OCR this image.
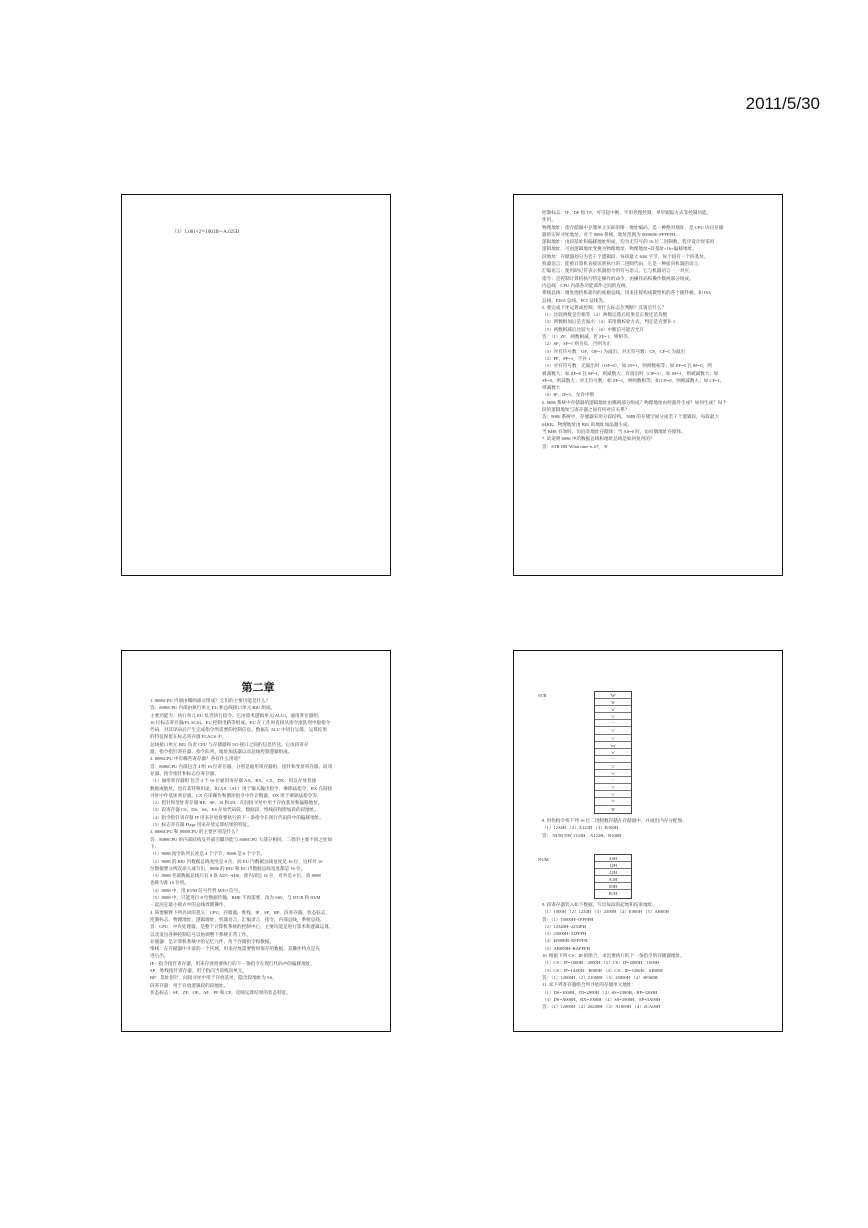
2011/5/30
（3）1.001×2³=1001B=-A.025D

控制标志：IF、DF 和 TF，可引起中断，字串处理控制，单步跟踪方式等控制功能。

作用。

物理地址：指存储器中存储单元实际的唯一地址编码，是一种绝对地址，是 CPU 访问存储

器的实际寻址地址。对于 8086 系统，地址范围为 00000H~FFFFFH。

逻辑地址：由段基址和偏移地址组成，均为无符号的 16 位二进制数，程序设计时采用

逻辑地址，可由逻辑地址变换为物理地址，物理地址=段基址×16+偏移地址。

段地址：存储器划分为若干个逻辑段，每段最大 64K 字节，每个段有一个段基址。

机器语言：能被计算机直接识别执行的二进制代码，它是一种面向机器的语言，

汇编语言：使用助记符表示机器指令的符号语言，它与机器语言一一对应，

指令：是控制计算机执行特定操作的命令，由操作码和操作数两部分组成。

内总线：CPU 内部各功能部件之间的连线，

系统总线：微处理机机箱内的底板总线，用来连接构成微型机的各个插件板，如 ISA

总线，EISA 总线，PCI 总线等。

5. 要完成下述运算或控制，用什么标志位判断？其值是什么？

（1）比较两数是否相等 （2）两数运算后结果是正数还是负数

（3）两数相加后是否溢出 （4）采用偶校验方式，判定是否要补 1

（5）两数相减后比较大小 （6）中断信号能否允许

答：（1）ZF，两数相减，若 ZF=1，则相等。

（2）SF，SF=1 则为负，否则为正

（3）对有符号数：OF，OF=1 为溢出；对无符号数：CF，CF=1 为溢出

（4）PF，PF=1，不补 1

（5）对有符号数：无溢出时（OF=0），如 ZF=1，则两数相等；如 ZF=0 且 SF=0，则

被减数大；如 ZF=0 且 SF=1，则减数大；有溢出时（OF=1），如 SF=1，则被减数大；如

SF=0，则减数大；对无符号数：如 ZF=1，则两数相等；如 CF=0，则被减数大；如 CF=1，

则减数大

（6）IF，IF=1，允许中断

6. 8086 系统中存储器的逻辑地址由哪两部分组成？物理地址由何器件生成？如何生成？每个

段的逻辑地址与寄存器之间有何对应关系？

答：8086 系统中，存储器采用分段结构，1MB 的存储空间分成若干个逻辑段，每段最大

64KB。物理地址由 BIU 的地址加法器生成。

当 BHE 有效时，访问奇地址存储体；当 A0=0 时，访问偶地址存储体。

7. 试说明 8086 中的数据总线和地址总线是如何复用的？

答：STR DB 'What time is it?'，'$'

第二章

1. 8086CPU 内部由哪两部分组成？它们的主要功能是什么？

答：8086CPU 内部由执行单元 EU 和总线接口单元 BIU 组成。

主要功能为：执行单元 EU 负责执行指令。它由算术逻辑单元(ALU)、通用寄存器组、

16 位标志寄存器(FLAGS)、EU 控制电路等组成。EU 在工作时直接从指令流队列中取指令

代码，对其译码后产生完成指令所需要的控制信息。数据在 ALU 中进行运算，运算结果

的特征保留在标志寄存器 FLAGS 中。

总线接口单元 BIU 负责 CPU 与存储器和 I/O 接口之间的信息传送。它由段寄存

器、指令指针寄存器、指令队列、地址加法器以及总线控制逻辑组成。

2. 8086CPU 中有哪些寄存器？各有什么用途？

答：8086CPU 内部包含 4 组 16 位寄存器，分别是通用寄存器组、指针和变址寄存器、段寄

存器、指令指针和标志位寄存器。

（1）通用寄存器组 包含 4 个 16 位通用寄存器 AX、BX、CX、DX，用以存放普通

数据或地址，也有其特殊用途。如 AX（AL）用于输入输出指令、乘除法指令，BX 在间接

寻址中作基址寄存器，CX 在串操作和循环指令中作计数器，DX 用于乘除法指令等。

（2）指针和变址寄存器 BP、SP、SI 和 DI，在间接寻址中用于存放基址和偏移地址。

（3）段寄存器 CS、DS、SS、ES 存放代码段、数据段、堆栈段和附加段的段地址。

（4）指令指针寄存器 IP 用来存放将要执行的下一条指令在现行代码段中的偏移地址。

（5）标志寄存器 Flags 用来存放运算结果的特征。

3. 8086CPU 和 8088CPU 的主要区别是什么？

答：8088CPU 的内部结构及外部引脚功能与 8086CPU 大部分相同，二者的主要不同之处如

下：

（1）8088 指令队列长度是 4 个字节，8086 是 6 个字节。

（2）8088 的 BIU 内数据总线宽度是 8 位，而 EU 内数据总线宽度是 16 位，这样对 16

位数据要分两次读入或写出，8086 的 BIU 和 EU 内数据总线宽度都是 16 位。

（3）8088 外部数据总线只有 8 条 AD7~AD0，即内部是 16 位，对外是 8 位，故 8088

也称为准 16 位机。

（4）8088 中，用 IO/M 信号代替 M/IO 信号。

（5）8088 中，只能进行 8 位数据传输，BHE 不再需要，改为 SS0，与 DT/R 和 IO/M

一起决定最小模式中的总线周期操作。

4. 简要解释下列名词的意义：CPU，存储器，堆栈，IP，SP，BP，段寄存器，状态标志，

控制标志，物理地址，逻辑地址，机器语言，汇编语言，指令，内部总线，系统总线。

答：CPU：中央处理器，是整个计算机系统的控制中心，主要功能是进行算术和逻辑运算，

以及发出各种控制信号以协调整个系统正常工作。

存储器：是计算机系统中的记忆元件，用于存储指令和数据。

堆栈：在存储器中开辟的一个区域，用来存放需要暂时保存的数据。其操作特点是先

进后出。

IP：指令指针寄存器，用来存放将要执行的下一条指令在现行代码中的偏移地址。

SP：堆栈指针寄存器，用于指向当前栈顶单元。

BP：基址指针，间接寻址中用于存放基址，隐含段地址为 SS。

段寄存器：用于存放逻辑段的段地址。

状态标志：SF、ZF、OF、AF、PF 和 CF，反映运算结果的状态特征。

STR	'W'
'h'
'a'
't'
' '
't'
'i'
'm'
'e'
' '
'i'
's'
' '
'i'
't'
'?'
'$'

8. 用伪指令将下列 16 位二进制数存储在存储器中，并画出内存分配图。

（1）1234H （2）A122H （3）B100H

答： NUM DW 1234H，A122H，B100H

NUM	34H
12H
22H
A1H
00H
B1H

9. 段寄存器装入如下数据，写出每段的起始和结束地址。

（1）1000H （2）1234H （3）2300H （4）E000H （5）AB00H

答：（1）10000H~1FFFFH

（2）12340H~2233FH

（3）23000H~32FFFH

（4）E0000H~EFFFFH

（5）AB000H~BAFFFH

10. 根据下列 CS：IP 的组合，求出要执行的下一条指令的存储器地址。

（1）CS：IP=1000H：2000H （2）CS：IP=2000H：1000H

（3）CS：IP=1A00H：B000H （4）CS：IP=3456H：AB00H

答：（1）12000H （2）21000H （3）25000H （4）3F060H

11. 求下列寄存器组合所寻址的存储单元地址：

（1）DS=1000H，DI=2000H （2）SS=2300H，BP=3200H

（3）DS=A000H，BX=1000H （4）SS=2900H，SP=3A00H

答：（1）12000H （2）26200H （3）A1000H （4）2CA00H
